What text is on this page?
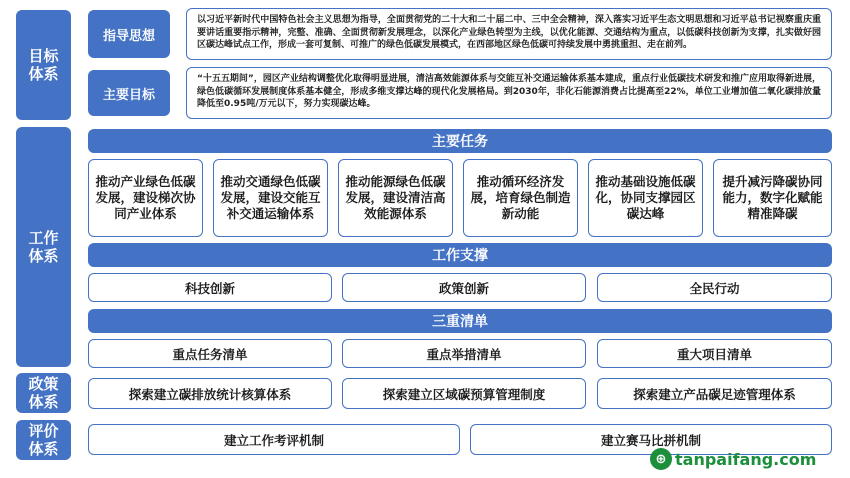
目标体系
工作体系
政策体系
评价体系
指导思想
以习近平新时代中国特色社会主义思想为指导，全面贯彻党的二十大和二十届二中、三中全会精神，深入落实习近平生态文明思想和习近平总书记视察重庆重要讲话重要指示精神，完整、准确、全面贯彻新发展理念，以深化产业绿色转型为主线，以优化能源、交通结构为重点，以低碳科技创新为支撑，扎实做好园区碳达峰试点工作，形成一套可复制、可推广的绿色低碳发展模式，在西部地区绿色低碳可持续发展中勇挑重担、走在前列。
主要目标
“十五五期间”，园区产业结构调整优化取得明显进展，清洁高效能源体系与交能互补交通运输体系基本建成，重点行业低碳技术研发和推广应用取得新进展，绿色低碳循环发展制度体系基本健全，形成多维支撑达峰的现代化发展格局。到2030年，非化石能源消费占比提高至22%，单位工业增加值二氧化碳排放量降低至0.95吨/万元以下，努力实现碳达峰。
主要任务
推动产业绿色低碳发展，建设梯次协同产业体系
推动交通绿色低碳发展，建设交能互补交通运输体系
推动能源绿色低碳发展，建设清洁高效能源体系
推动循环经济发展，培育绿色制造新动能
推动基础设施低碳化，协同支撑园区碳达峰
提升减污降碳协同能力，数字化赋能精准降碳
工作支撑
科技创新	政策创新	全民行动
三重清单
重点任务清单	重点举措清单	重大项目清单
探索建立碳排放统计核算体系	探索建立区域碳预算管理制度	探索建立产品碳足迹管理体系
建立工作考评机制	建立赛马比拼机制
⊕ tanpaifang.com
